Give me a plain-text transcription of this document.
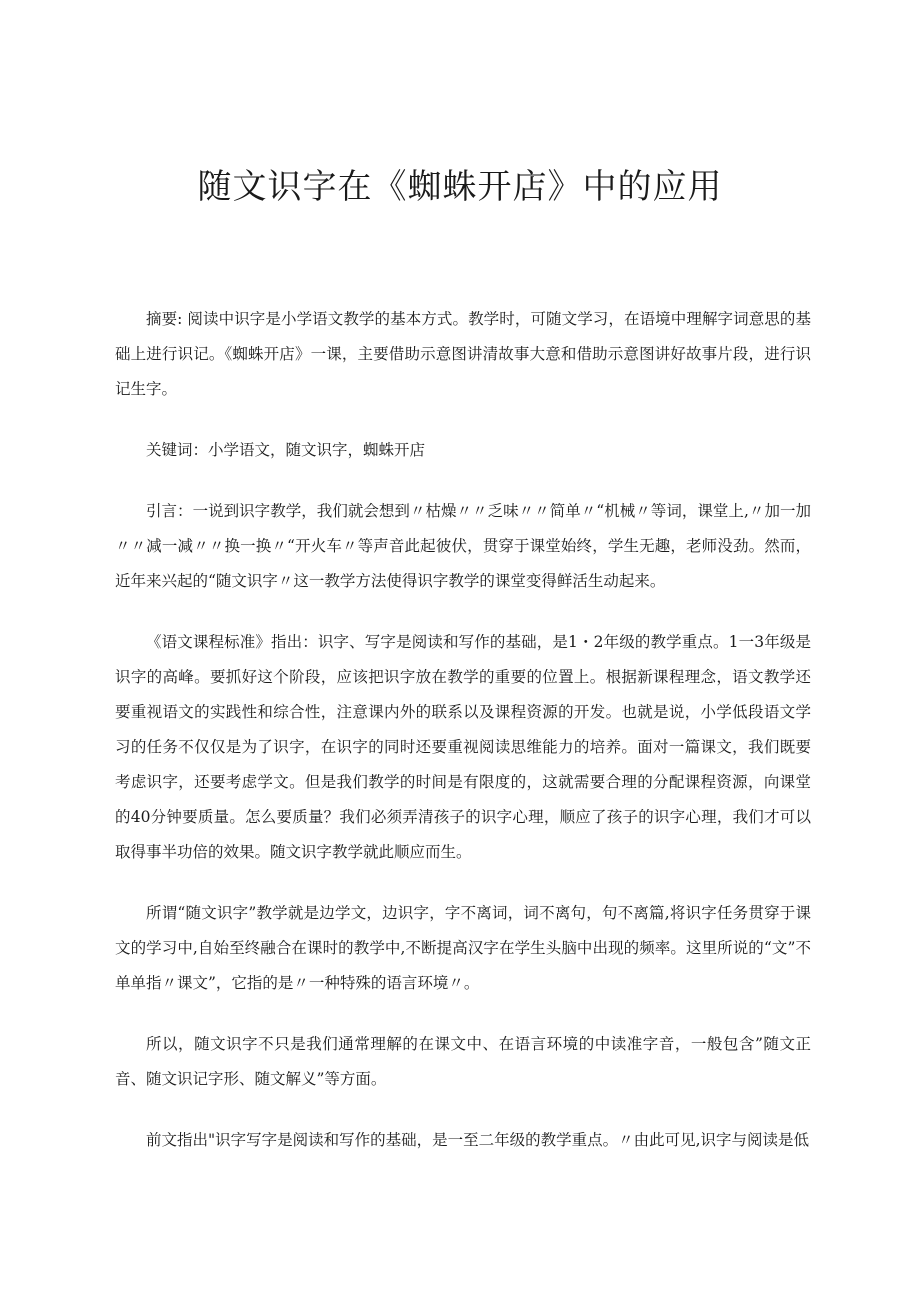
随文识字在《蜘蛛开店》中的应用

摘要: 阅读中识字是小学语文教学的基本方式。教学时，可随文学习，在语境中理解字词意思的基础上进行识记。《蜘蛛开店》一课，主要借助示意图讲清故事大意和借助示意图讲好故事片段，进行识记生字。

关键词：小学语文，随文识字，蜘蛛开店

引言：一说到识字教学，我们就会想到〃枯燥〃〃乏味〃〃简单〃“机械〃等词，课堂上,〃加一加〃〃减一减〃〃换一换〃“开火车〃等声音此起彼伏，贯穿于课堂始终，学生无趣，老师没劲。然而，近年来兴起的“随文识字〃这一教学方法使得识字教学的课堂变得鲜活生动起来。

《语文课程标准》指出：识字、写字是阅读和写作的基础，是1・2年级的教学重点。1一3年级是识字的高峰。要抓好这个阶段，应该把识字放在教学的重要的位置上。根据新课程理念，语文教学还要重视语文的实践性和综合性，注意课内外的联系以及课程资源的开发。也就是说，小学低段语文学习的任务不仅仅是为了识字，在识字的同时还要重视阅读思维能力的培养。面对一篇课文，我们既要考虑识字，还要考虑学文。但是我们教学的时间是有限度的，这就需要合理的分配课程资源，向课堂的40分钟要质量。怎么要质量？我们必须弄清孩子的识字心理，顺应了孩子的识字心理，我们才可以取得事半功倍的效果。随文识字教学就此顺应而生。

所谓“随文识字”教学就是边学文，边识字，字不离词，词不离句，句不离篇,将识字任务贯穿于课文的学习中,自始至终融合在课时的教学中,不断提高汉字在学生头脑中出现的频率。这里所说的“文”不单单指〃课文”，它指的是〃一种特殊的语言环境〃。

所以，随文识字不只是我们通常理解的在课文中、在语言环境的中读准字音，一般包含”随文正音、随文识记字形、随文解义”等方面。

前文指出"识字写字是阅读和写作的基础，是一至二年级的教学重点。〃由此可见,识字与阅读是低
